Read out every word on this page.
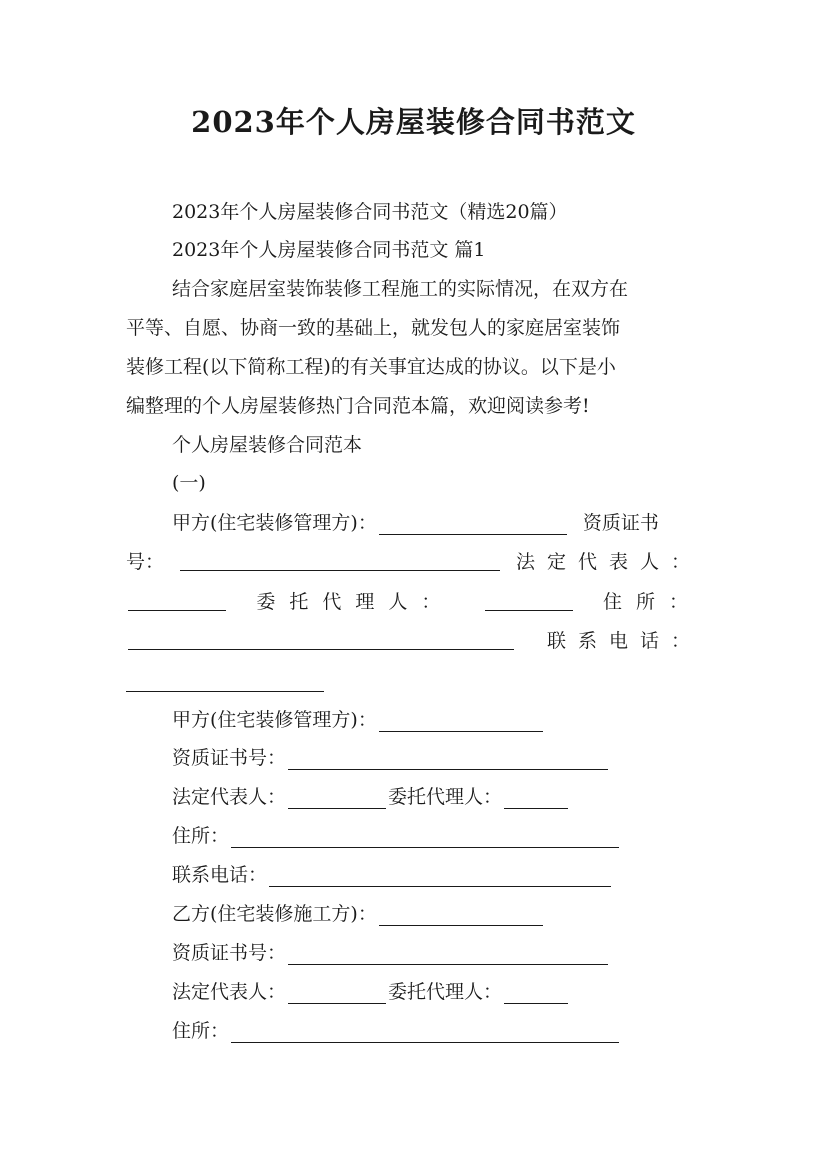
2023年个人房屋装修合同书范文
2023年个人房屋装修合同书范文（精选20篇）
2023年个人房屋装修合同书范文 篇1
结合家庭居室装饰装修工程施工的实际情况，在双方在
平等、自愿、协商一致的基础上，就发包人的家庭居室装饰
装修工程(以下简称工程)的有关事宜达成的协议。以下是小
编整理的个人房屋装修热门合同范本篇，欢迎阅读参考!
个人房屋装修合同范本
(一)
甲方(住宅装修管理方)：	资质证书
号：	法定代表人：
委托代理人：	住所：
联系电话：
甲方(住宅装修管理方)：
资质证书号：
法定代表人：	委托代理人：
住所：
联系电话：
乙方(住宅装修施工方)：
资质证书号：
法定代表人：	委托代理人：
住所：
